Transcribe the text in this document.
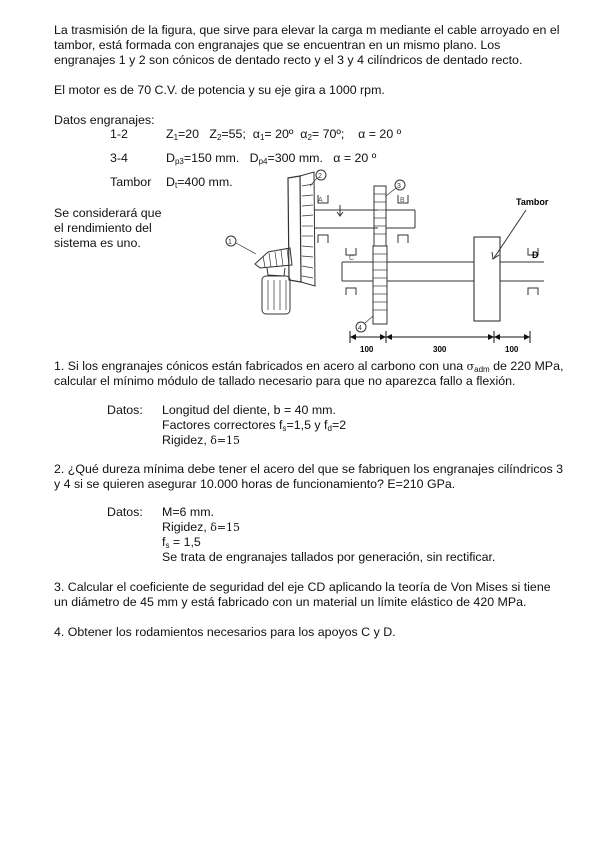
La trasmisión de la figura, que sirve para elevar la carga m mediante el cable arroyado en el
tambor, está formada con engranajes que se encuentran en un mismo plano. Los
engranajes 1 y 2 son cónicos de dentado recto y el 3 y 4 cilíndricos de dentado recto.
El motor es de 70 C.V. de potencia y su eje gira a 1000 rpm.
Datos engranajes:
1-2	$Z_1=20$ $Z_2=55$; $\alpha_1=$ 20º $\alpha_2=$ 70º; α = 20 º
3-4	$D_{p3}=150$ mm. $D_{p4}=300$ mm. α = 20 º
Tambor $D_t=400$ mm.
Se considerará que
el rendimiento del
sistema es uno.
Tambor
D
C
A	B
1
2
3
4
100	300	100
1. Si los engranajes cónicos están fabricados en acero al carbono con una $\sigma_{adm}$ de 220 MPa,
calcular el mínimo módulo de tallado necesario para que no aparezca fallo a flexión.
Datos: Longitud del diente, b = 40 mm.
Factores correctores $f_s=1,5$ y $f_d=2$
Rigidez, δ=15
2. ¿Qué dureza mínima debe tener el acero del que se fabriquen los engranajes cilíndricos 3
y 4 si se quieren asegurar 10.000 horas de funcionamiento? E=210 GPa.
Datos: M=6 mm.
Rigidez, δ=15
$f_s = 1,5$
Se trata de engranajes tallados por generación, sin rectificar.
3. Calcular el coeficiente de seguridad del eje CD aplicando la teoría de Von Mises si tiene
un diámetro de 45 mm y está fabricado con un material un límite elástico de 420 MPa.
4. Obtener los rodamientos necesarios para los apoyos C y D.
